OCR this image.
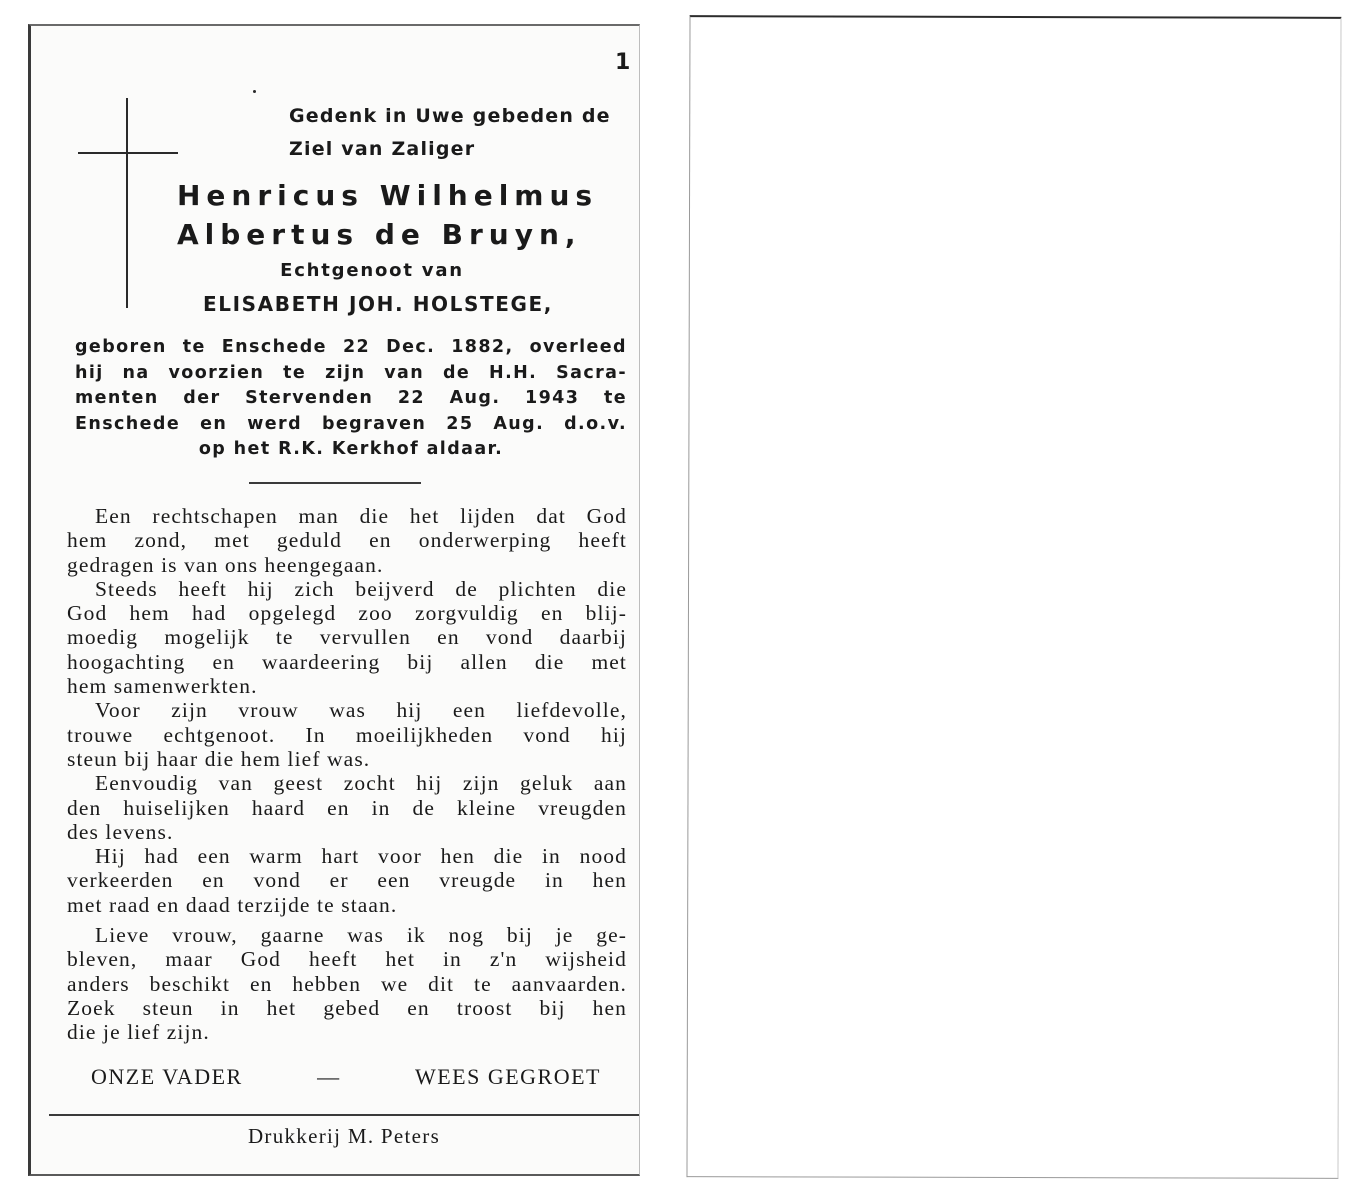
1
Gedenk in Uwe gebeden de
Ziel van Zaliger
Henricus Wilhelmus
Albertus de Bruyn,
Echtgenoot van
ELISABETH JOH. HOLSTEGE,
geboren te Enschede 22 Dec. 1882, overleed
hij na voorzien te zijn van de H.H. Sacra-
menten der Stervenden 22 Aug. 1943 te
Enschede en werd begraven 25 Aug. d.o.v.
op het R.K. Kerkhof aldaar.
Een rechtschapen man die het lijden dat God
hem zond, met geduld en onderwerping heeft
gedragen is van ons heengegaan.
Steeds heeft hij zich beijverd de plichten die
God hem had opgelegd zoo zorgvuldig en blij-
moedig mogelijk te vervullen en vond daarbij
hoogachting en waardeering bij allen die met
hem samenwerkten.
Voor zijn vrouw was hij een liefdevolle,
trouwe echtgenoot. In moeilijkheden vond hij
steun bij haar die hem lief was.
Eenvoudig van geest zocht hij zijn geluk aan
den huiselijken haard en in de kleine vreugden
des levens.
Hij had een warm hart voor hen die in nood
verkeerden en vond er een vreugde in hen
met raad en daad terzijde te staan.
Lieve vrouw, gaarne was ik nog bij je ge-
bleven, maar God heeft het in z'n wijsheid
anders beschikt en hebben we dit te aanvaarden.
Zoek steun in het gebed en troost bij hen
die je lief zijn.
ONZE VADER	—	WEES GEGROET
Drukkerij M. Peters
